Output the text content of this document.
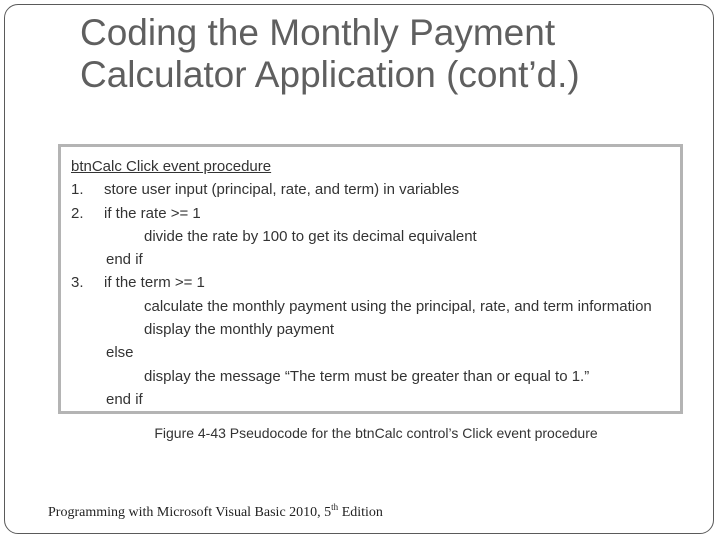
Coding the Monthly Payment
Calculator Application (cont’d.)
btnCalc Click event procedure
1. store user input (principal, rate, and term) in variables
2. if the rate >= 1
divide the rate by 100 to get its decimal equivalent
end if
3. if the term >= 1
calculate the monthly payment using the principal, rate, and term information
display the monthly payment
else
display the message “The term must be greater than or equal to 1.”
end if
Figure 4-43 Pseudocode for the btnCalc control’s Click event procedure
Programming with Microsoft Visual Basic 2010, 5th Edition
